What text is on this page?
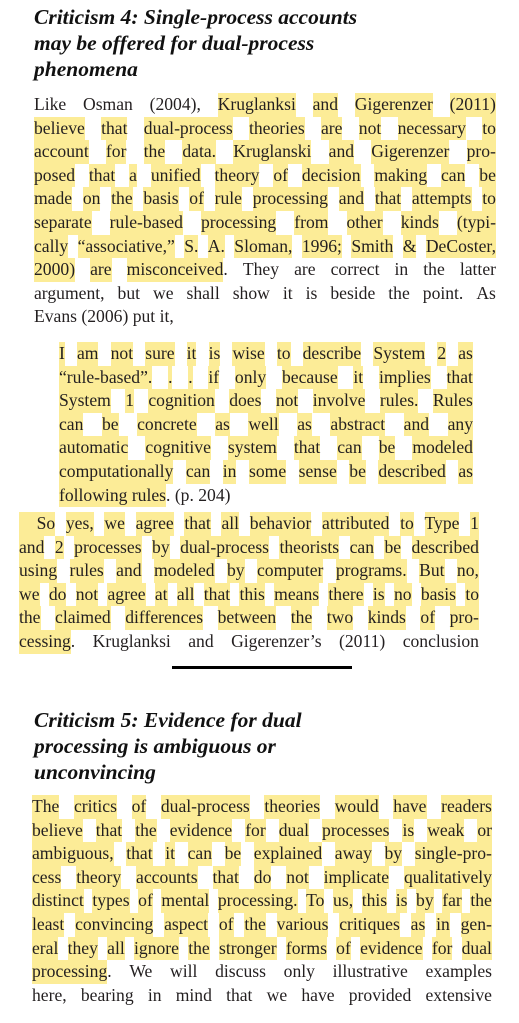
Criticism 4: Single-process accounts
may be offered for dual-process
phenomena
Like Osman (2004), Kruglanksi and Gigerenzer (2011)
believe that dual-process theories are not necessary to
account for the data. Kruglanski and Gigerenzer pro-
posed that a unified theory of decision making can be
made on the basis of rule processing and that attempts to
separate rule-based processing from other kinds (typi-
cally “associative,” S. A. Sloman, 1996; Smith & DeCoster,
2000) are misconceived. They are correct in the latter
argument, but we shall show it is beside the point. As
Evans (2006) put it,
I am not sure it is wise to describe System 2 as
“rule-based”. . . if only because it implies that
System 1 cognition does not involve rules. Rules
can be concrete as well as abstract and any
automatic cognitive system that can be modeled
computationally can in some sense be described as
following rules. (p. 204)
 So yes, we agree that all behavior attributed to Type 1
and 2 processes by dual-process theorists can be described
using rules and modeled by computer programs. But no,
we do not agree at all that this means there is no basis to
the claimed differences between the two kinds of pro-
cessing. Kruglanksi and Gigerenzer’s (2011) conclusion
Criticism 5: Evidence for dual
processing is ambiguous or
unconvincing
The critics of dual-process theories would have readers
believe that the evidence for dual processes is weak or
ambiguous, that it can be explained away by single-pro-
cess theory accounts that do not implicate qualitatively
distinct types of mental processing. To us, this is by far the
least convincing aspect of the various critiques as in gen-
eral they all ignore the stronger forms of evidence for dual
processing. We will discuss only illustrative examples
here, bearing in mind that we have provided extensive
